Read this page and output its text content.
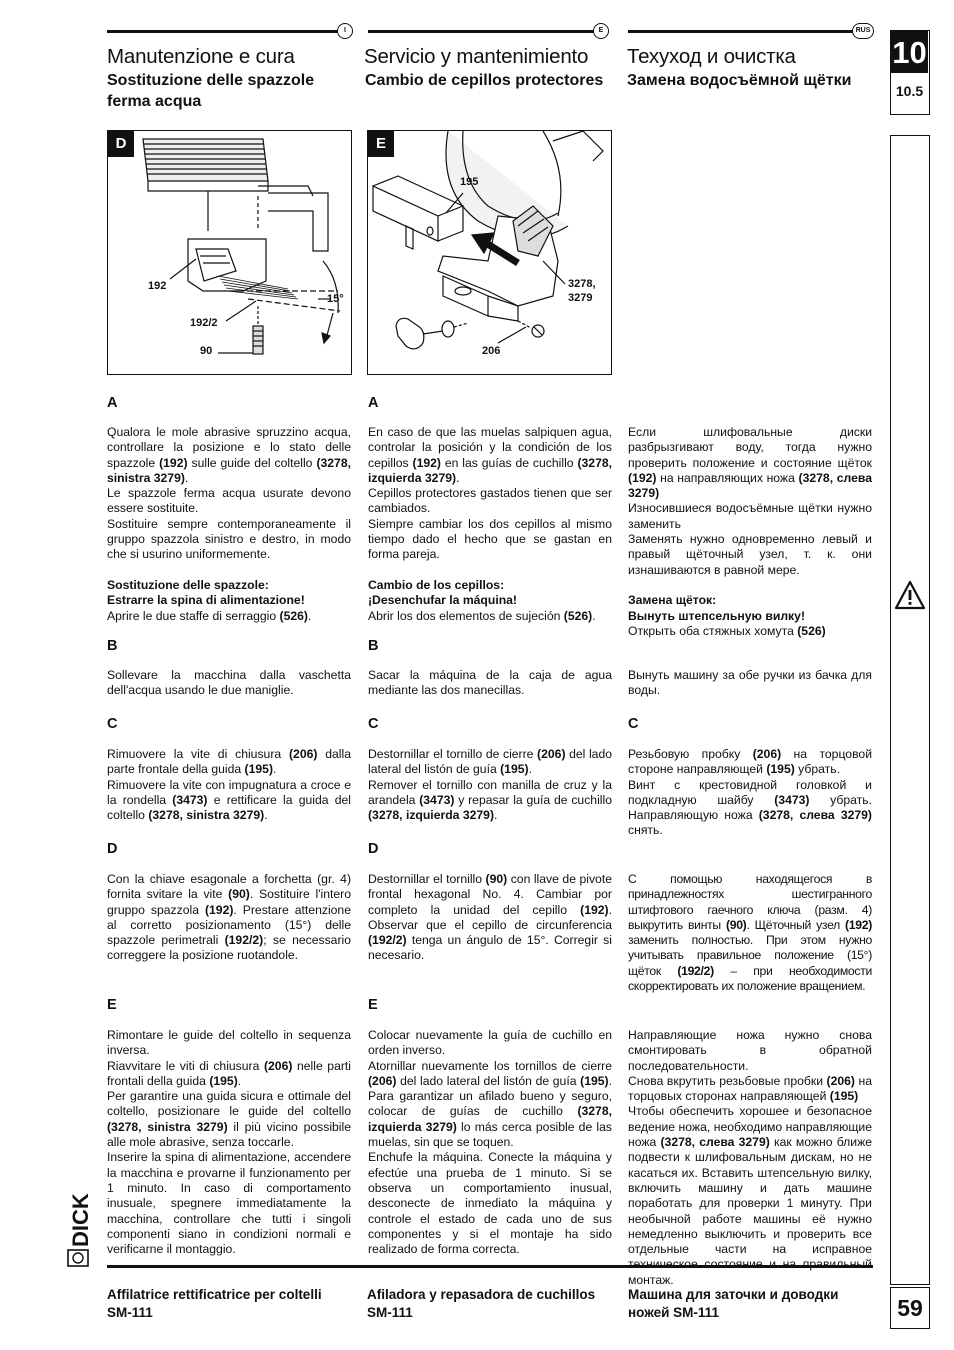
I	E	RUS
Manutenzione e cura
Sostituzione delle spazzole ferma acqua
Servicio y mantenimiento
Cambio de cepillos protectores
Техуход и очистка
Замена водосъёмной щётки
10
10.5
59
D
192
192/2
90
15°
E
195
3278,
3279
206
A
Qualora le mole abrasive spruzzino acqua, controllare la posizione e lo stato delle spazzole (192) sulle guide del coltello (3278, sinistra 3279).
Le spazzole ferma acqua usurate devono essere sostituite.
Sostituire sempre contemporaneamente il gruppo spazzola sinistro e destro, in modo che si usurino uniformemente.

Sostituzione delle spazzole:
Estrarre la spina di alimentazione!
Aprire le due staffe di serraggio (526).
B
Sollevare la macchina dalla vaschetta dell'acqua usando le due maniglie.
C
Rimuovere la vite di chiusura (206) dalla parte frontale della guida (195).
Rimuovere la vite con impugnatura a croce e la rondella (3473) e rettificare la guida del coltello (3278, sinistra 3279).
D
Con la chiave esagonale a forchetta (gr. 4) fornita svitare la vite (90). Sostituire l'intero gruppo spazzola (192). Prestare attenzione al corretto posizionamento (15°) delle spazzole perimetrali (192/2); se necessario correggere la posizione ruotandole.
E
Rimontare le guide del coltello in sequenza inversa.
Riavvitare le viti di chiusura (206) nelle parti frontali della guida (195).
Per garantire una guida sicura e ottimale del coltello, posizionare le guide del coltello (3278, sinistra 3279) il più vicino possibile alle mole abrasive, senza toccarle.
Inserire la spina di alimentazione, accendere la macchina e provarne il funzionamento per 1 minuto. In caso di comportamento inusuale, spegnere immediatamente la macchina, controllare che tutti i singoli componenti siano in condizioni normali e verificarne il montaggio.
A
En caso de que las muelas salpiquen agua, controlar la posición y la condición de los cepillos (192) en las guías de cuchillo (3278, izquierda 3279).
Cepillos protectores gastados tienen que ser cambiados.
Siempre cambiar los dos cepillos al mismo tiempo dado el hecho que se gastan en forma pareja.

Cambio de los cepillos:
¡Desenchufar la máquina!
Abrir los dos elementos de sujeción (526).
B
Sacar la máquina de la caja de agua mediante las dos manecillas.
C
Destornillar el tornillo de cierre (206) del lado lateral del listón de guía (195).
Remover el tornillo con manilla de cruz y la arandela (3473) y repasar la guía de cuchillo (3278, izquierda 3279).
D
Destornillar el tornillo (90) con llave de pivote frontal hexagonal No. 4. Cambiar por completo la unidad del cepillo (192). Observar que el cepillo de circunferencia (192/2) tenga un ángulo de 15°. Corregir si necesario.
E
Colocar nuevamente la guía de cuchillo en orden inverso.
Atornillar nuevamente los tornillos de cierre (206) del lado lateral del listón de guía (195). Para garantizar un afilado bueno y seguro, colocar de guías de cuchillo (3278, izquierda 3279) lo más cerca posible de las muelas, sin que se toquen.
Enchufe la máquina. Conecte la máquina y efectúe una prueba de 1 minuto. Si se observa un comportamiento inusual, desconecte de inmediato la máquina y controle el estado de cada uno de sus componentes y si el montaje ha sido realizado de forma correcta.
Если шлифовальные диски разбрызгивают воду, тогда нужно проверить положение и состояние щёток (192) на направляющих ножа (3278, слева 3279)
Износившиеся водосъёмные щётки нужно заменить
Заменять нужно одновременно левый и правый щёточный узел, т. к. они изнашиваются в равной мере.

Замена щёток:
Вынуть штепсельную вилку!
Открыть оба стяжных хомута (526)
Вынуть машину за обе ручки из бачка для воды.
C
Резьбовую пробку (206) на торцовой стороне направляющей (195) убрать.
Винт с крестовидной головкой и подкладную шайбу (3473) убрать. Направляющую ножа (3278, слева 3279) снять.
С помощью находящегося в принадлежностях шестигранного штифтового гаечного ключа (разм. 4) выкрутить винты (90). Щёточный узел (192) заменить полностью. При этом нужно учитывать правильное положение (15°) щёток (192/2) – при необходимости скорректировать их положение вращением.
Направляющие ножа нужно снова смонтировать в обратной последовательности.
Снова вкрутить резьбовые пробки (206) на торцовых сторонах направляющей (195)
Чтобы обеспечить хорошее и безопасное ведение ножа, необходимо направляющие ножа (3278, слева 3279) как можно ближе подвести к шлифовальным дискам, но не касаться их. Вставить штепсельную вилку, включить машину и дать машине поработать для проверки 1 минуту. При необычной работе машины её нужно немедленно выключить и проверить все отдельные части на исправное монтаж.
DICK
Affilatrice rettificatrice per coltelli SM-111
Afiladora y repasadora de cuchillos SM-111
Машина для заточки и доводки ножей SM-111
